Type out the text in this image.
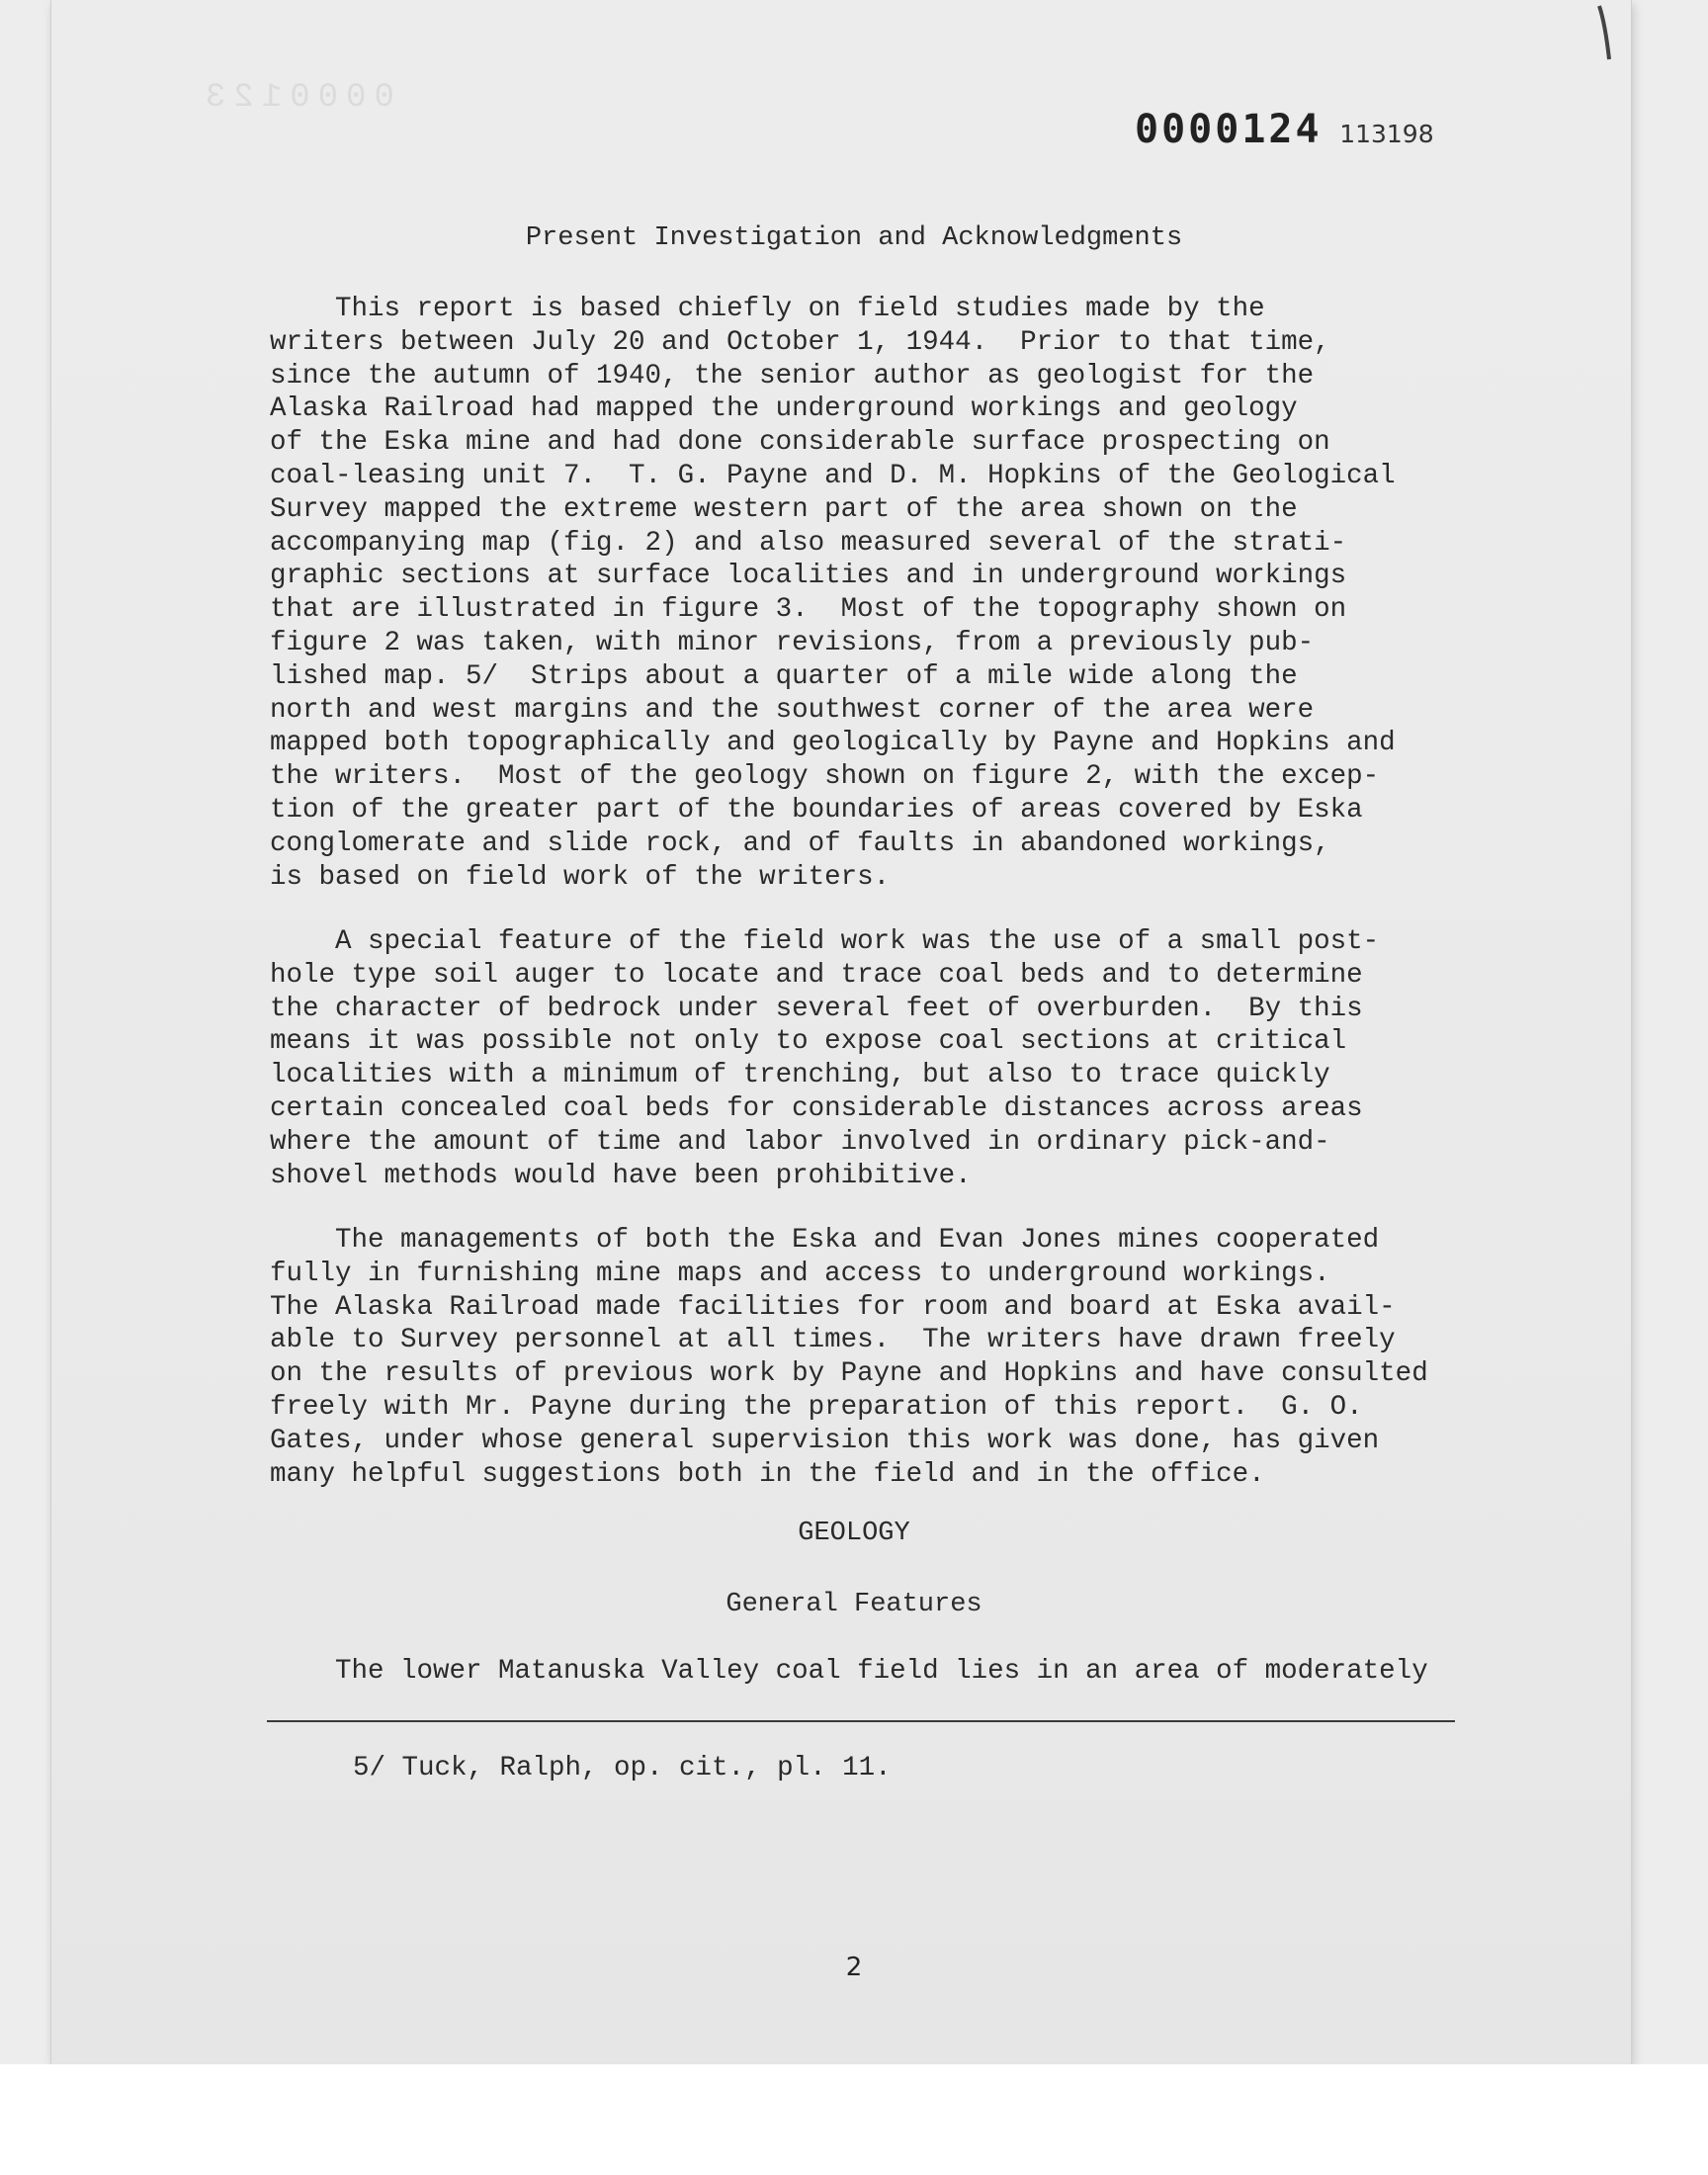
0000123
0000124 113198
Present Investigation and Acknowledgments
This report is based chiefly on field studies made by the
writers between July 20 and October 1, 1944.  Prior to that time,
since the autumn of 1940, the senior author as geologist for the
Alaska Railroad had mapped the underground workings and geology
of the Eska mine and had done considerable surface prospecting on
coal-leasing unit 7.  T. G. Payne and D. M. Hopkins of the Geological
Survey mapped the extreme western part of the area shown on the
accompanying map (fig. 2) and also measured several of the strati-
graphic sections at surface localities and in underground workings
that are illustrated in figure 3.  Most of the topography shown on
figure 2 was taken, with minor revisions, from a previously pub-
lished map. 5/  Strips about a quarter of a mile wide along the
north and west margins and the southwest corner of the area were
mapped both topographically and geologically by Payne and Hopkins and
the writers.  Most of the geology shown on figure 2, with the excep-
tion of the greater part of the boundaries of areas covered by Eska
conglomerate and slide rock, and of faults in abandoned workings,
is based on field work of the writers.
A special feature of the field work was the use of a small post-
hole type soil auger to locate and trace coal beds and to determine
the character of bedrock under several feet of overburden.  By this
means it was possible not only to expose coal sections at critical
localities with a minimum of trenching, but also to trace quickly
certain concealed coal beds for considerable distances across areas
where the amount of time and labor involved in ordinary pick-and-
shovel methods would have been prohibitive.
The managements of both the Eska and Evan Jones mines cooperated
fully in furnishing mine maps and access to underground workings.
The Alaska Railroad made facilities for room and board at Eska avail-
able to Survey personnel at all times.  The writers have drawn freely
on the results of previous work by Payne and Hopkins and have consulted
freely with Mr. Payne during the preparation of this report.  G. O.
Gates, under whose general supervision this work was done, has given
many helpful suggestions both in the field and in the office.
GEOLOGY
General Features
The lower Matanuska Valley coal field lies in an area of moderately
5/ Tuck, Ralph, op. cit., pl. 11.
2
